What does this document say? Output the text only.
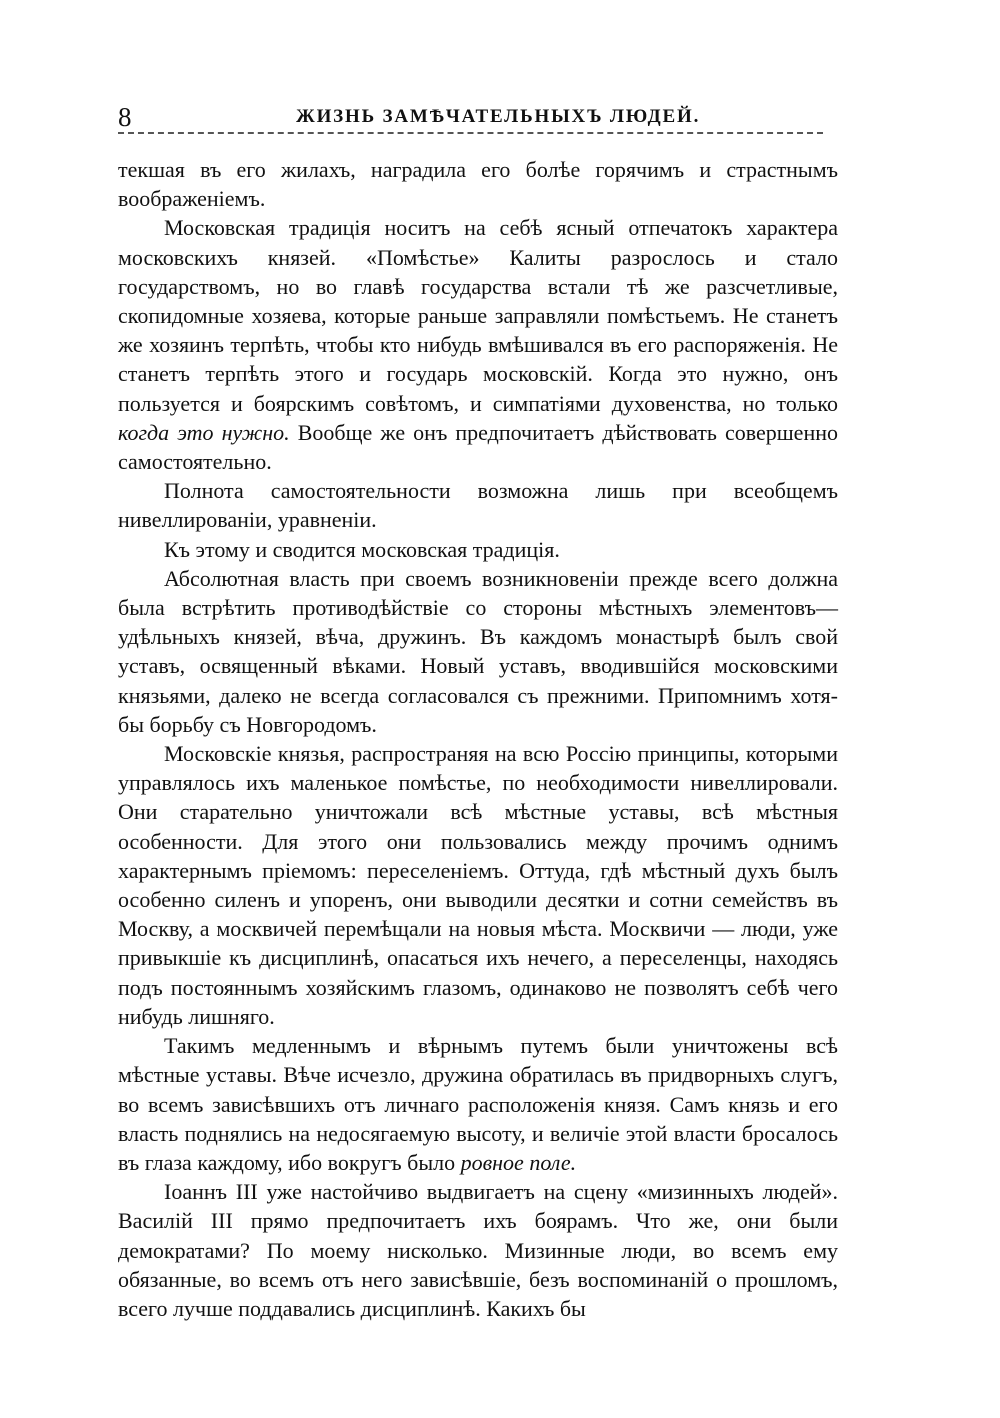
8	ЖИЗНЬ ЗАМѢЧАТЕЛЬНЫХЪ ЛЮДЕЙ.

текшая въ его жилахъ, наградила его болѣе горячимъ и страстнымъ воображеніемъ.

Московская традиція носитъ на себѣ ясный отпечатокъ характера московскихъ князей. «Помѣстье» Калиты разрослось и стало государствомъ, но во главѣ государства встали тѣ же разсчетливые, скопидомные хозяева, которые раньше заправляли помѣстьемъ. Не станетъ же хозяинъ терпѣть, чтобы кто нибудь вмѣшивался въ его распоряженія. Не станетъ терпѣть этого и государь московскій. Когда это нужно, онъ пользуется и боярскимъ совѣтомъ, и симпатіями духовенства, но только когда это нужно. Вообще же онъ предпочитаетъ дѣйствовать совершенно самостоятельно.

Полнота самостоятельности возможна лишь при всеобщемъ нивеллированіи, уравненіи.

Къ этому и сводится московская традиція.

Абсолютная власть при своемъ возникновеніи прежде всего должна была встрѣтить противодѣйствіе со стороны мѣстныхъ элементовъ—удѣльныхъ князей, вѣча, дружинъ. Въ каждомъ монастырѣ былъ свой уставъ, освященный вѣками. Новый уставъ, вводившійся московскими князьями, далеко не всегда согласовался съ прежними. Припомнимъ хотя-бы борьбу съ Новгородомъ.

Московскіе князья, распространяя на всю Россію принципы, которыми управлялось ихъ маленькое помѣстье, по необходимости нивеллировали. Они старательно уничтожали всѣ мѣстные уставы, всѣ мѣстныя особенности. Для этого они пользовались между прочимъ однимъ характернымъ пріемомъ: переселеніемъ. Оттуда, гдѣ мѣстный духъ былъ особенно силенъ и упоренъ, они выводили десятки и сотни семействъ въ Москву, а москвичей перемѣщали на новыя мѣста. Москвичи — люди, уже привыкшіе къ дисциплинѣ, опасаться ихъ нечего, а переселенцы, находясь подъ постояннымъ хозяйскимъ глазомъ, одинаково не позволятъ себѣ чего нибудь лишняго.

Такимъ медленнымъ и вѣрнымъ путемъ были уничтожены всѣ мѣстные уставы. Вѣче исчезло, дружина обратилась въ придворныхъ слугъ, во всемъ зависѣвшихъ отъ личнаго расположенія князя. Самъ князь и его власть поднялись на недосягаемую высоту, и величіе этой власти бросалось въ глаза каждому, ибо вокругъ было ровное поле.

Іоаннъ III уже настойчиво выдвигаетъ на сцену «мизинныхъ людей». Василій III прямо предпочитаетъ ихъ боярамъ. Что же, они были демократами? По моему нисколько. Мизинные люди, во всемъ ему обязанные, во всемъ отъ него зависѣвшіе, безъ воспоминаній о прошломъ, всего лучше поддавались дисциплинѣ. Какихъ бы
